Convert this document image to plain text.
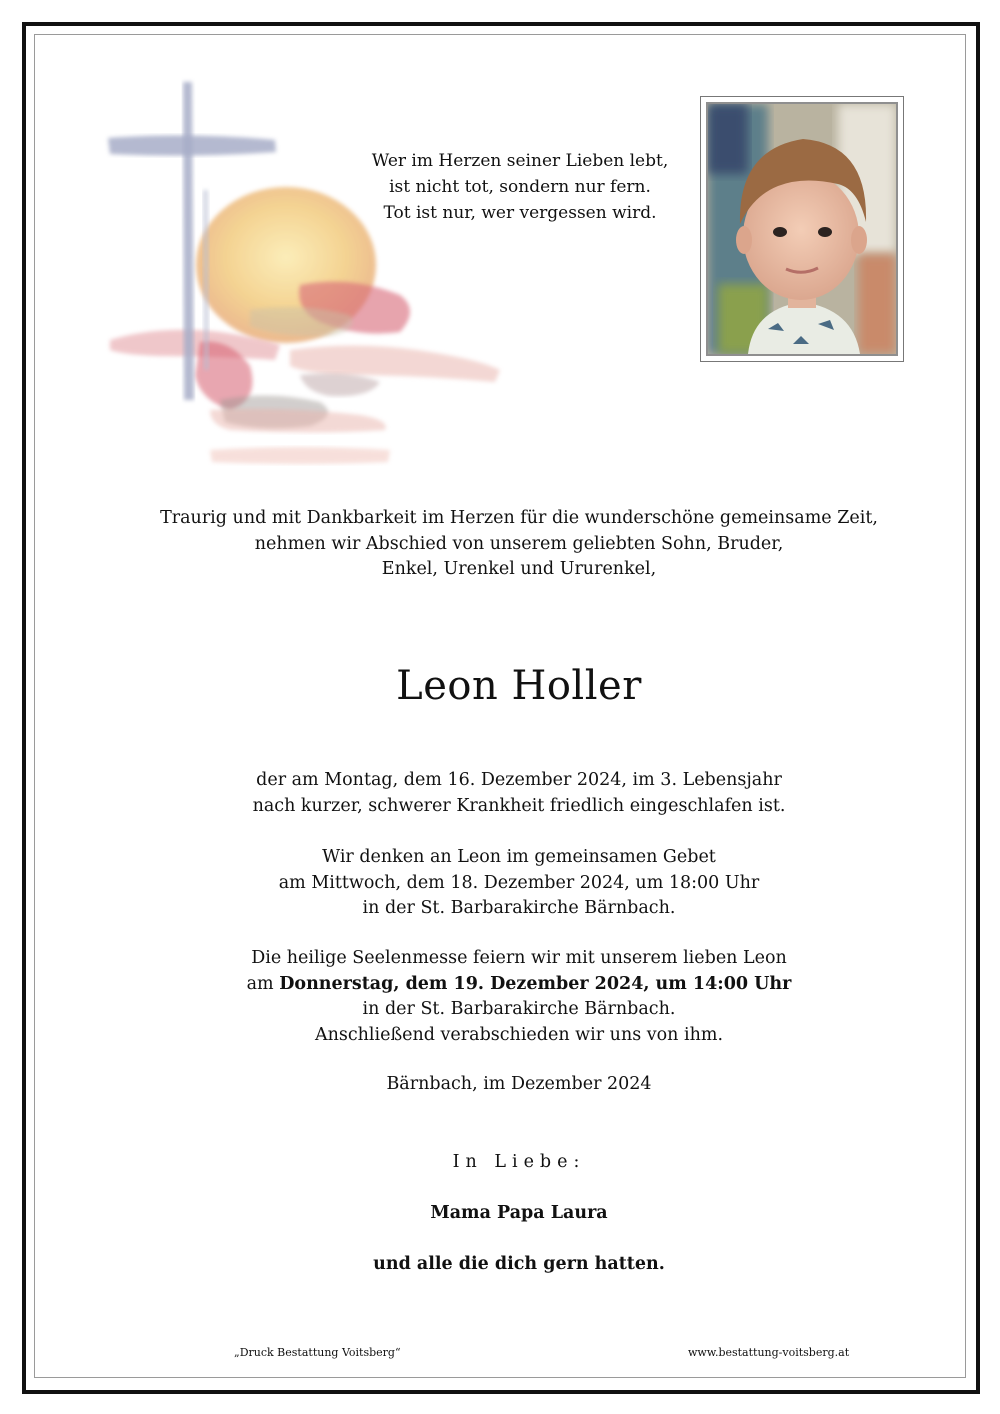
Wer im Herzen seiner Lieben lebt,
ist nicht tot, sondern nur fern.
Tot ist nur, wer vergessen wird.
Traurig und mit Dankbarkeit im Herzen für die wunderschöne gemeinsame Zeit,
nehmen wir Abschied von unserem geliebten Sohn, Bruder,
Enkel, Urenkel und Ururenkel,
Leon Holler
der am Montag, dem 16. Dezember 2024, im 3. Lebensjahr
nach kurzer, schwerer Krankheit friedlich eingeschlafen ist.
Wir denken an Leon im gemeinsamen Gebet
am Mittwoch, dem 18. Dezember 2024, um 18:00 Uhr
in der St. Barbarakirche Bärnbach.
Die heilige Seelenmesse feiern wir mit unserem lieben Leon
am Donnerstag, dem 19. Dezember 2024, um 14:00 Uhr
in der St. Barbarakirche Bärnbach.
Anschließend verabschieden wir uns von ihm.
Bärnbach, im Dezember 2024
In Liebe:
Mama Papa Laura
und alle die dich gern hatten.
„Druck Bestattung Voitsberg“	www.bestattung-voitsberg.at
